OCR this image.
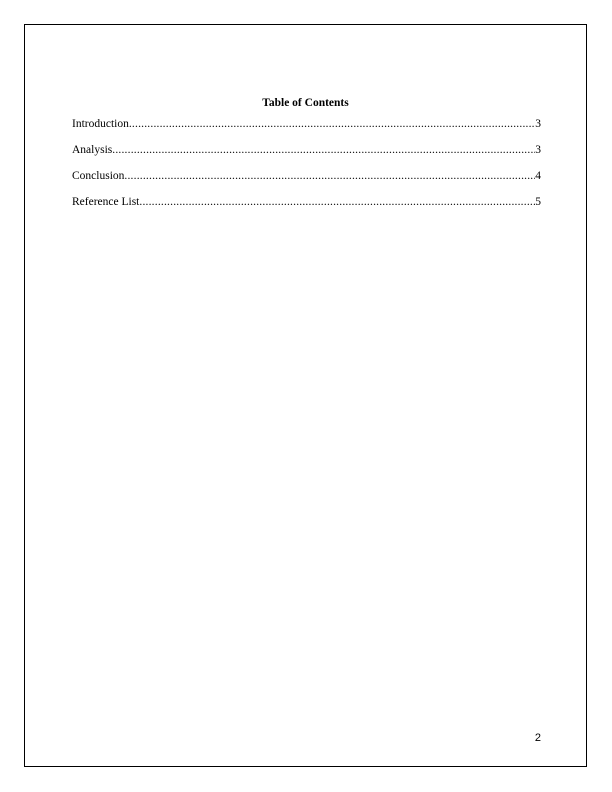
Table of Contents
Introduction .....	3
Analysis .....	3
Conclusion .....	4
Reference List .....	5
2
